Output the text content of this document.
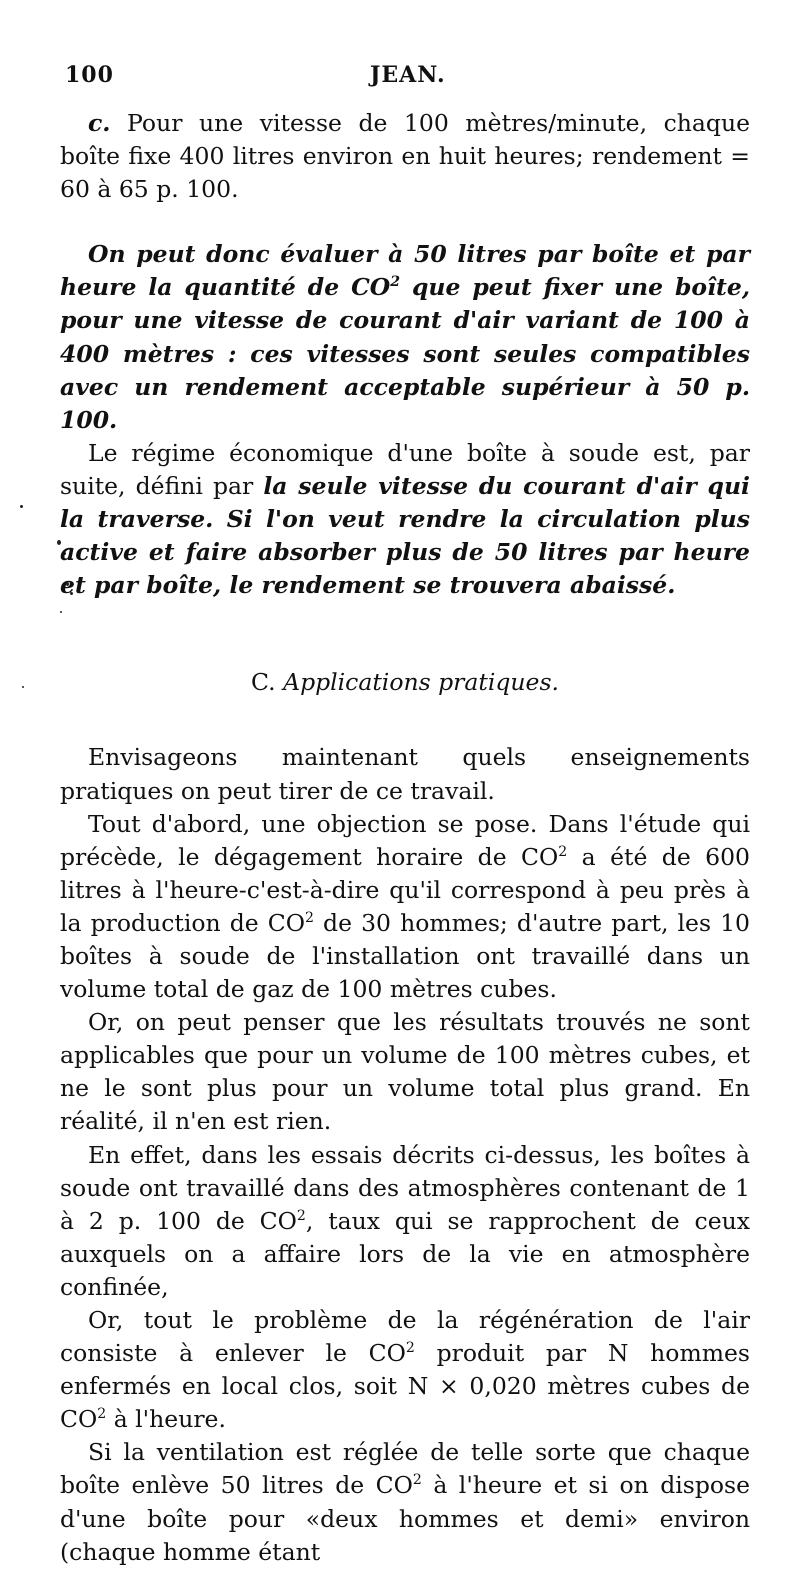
100	JEAN.

c. Pour une vitesse de 100 mètres/minute, chaque boîte fixe 400 litres environ en huit heures; rendement = 60 à 65 p. 100.

On peut donc évaluer à 50 litres par boîte et par heure la quantité de $CO^2$ que peut fixer une boîte, pour une vitesse de courant d'air variant de 100 à 400 mètres : ces vitesses sont seules compatibles avec un rendement acceptable supérieur à 50 p. 100.

Le régime économique d'une boîte à soude est, par suite, défini par la seule vitesse du courant d'air qui la traverse. Si l'on veut rendre la circulation plus active et faire absorber plus de 50 litres par heure et par boîte, le rendement se trouvera abaissé.

C. Applications pratiques.

Envisageons maintenant quels enseignements pratiques on peut tirer de ce travail.

Tout d'abord, une objection se pose. Dans l'étude qui précède, le dégagement horaire de $CO^2$ a été de 600 litres à l'heure-c'est-à-dire qu'il correspond à peu près à la production de $CO^2$ de 30 hommes; d'autre part, les 10 boîtes à soude de l'installation ont travaillé dans un volume total de gaz de 100 mètres cubes.

Or, on peut penser que les résultats trouvés ne sont applicables que pour un volume de 100 mètres cubes, et ne le sont plus pour un volume total plus grand. En réalité, il n'en est rien.

En effet, dans les essais décrits ci-dessus, les boîtes à soude ont travaillé dans des atmosphères contenant de 1 à 2 p. 100 de $CO^2$, taux qui se rapprochent de ceux auxquels on a affaire lors de la vie en atmosphère confinée,

Or, tout le problème de la régénération de l'air consiste à enlever le $CO^2$ produit par N hommes enfermés en local clos, soit N × 0,020 mètres cubes de $CO^2$ à l'heure.

Si la ventilation est réglée de telle sorte que chaque boîte enlève 50 litres de $CO^2$ à l'heure et si on dispose d'une boîte pour «deux hommes et demi» environ (chaque homme étant
